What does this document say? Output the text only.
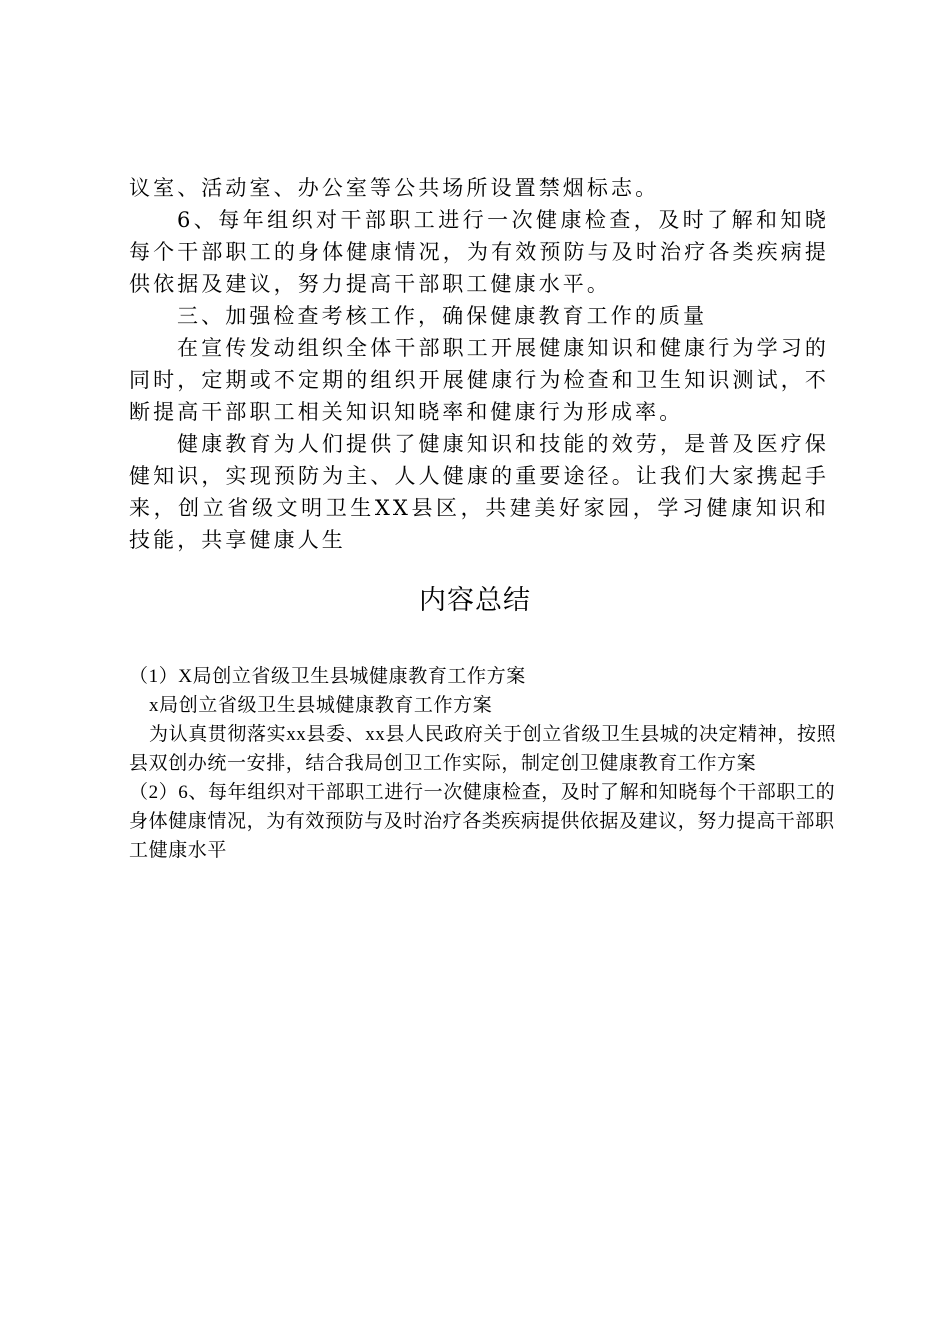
议室、活动室、办公室等公共场所设置禁烟标志。

6、每年组织对干部职工进行一次健康检查，及时了解和知晓每个干部职工的身体健康情况，为有效预防与及时治疗各类疾病提供依据及建议，努力提高干部职工健康水平。

三、加强检查考核工作，确保健康教育工作的质量

在宣传发动组织全体干部职工开展健康知识和健康行为学习的同时，定期或不定期的组织开展健康行为检查和卫生知识测试，不断提高干部职工相关知识知晓率和健康行为形成率。

健康教育为人们提供了健康知识和技能的效劳，是普及医疗保健知识，实现预防为主、人人健康的重要途径。让我们大家携起手来，创立省级文明卫生XX县区，共建美好家园，学习健康知识和技能，共享健康人生

内容总结

（1）X局创立省级卫生县城健康教育工作方案

x局创立省级卫生县城健康教育工作方案

为认真贯彻落实xx县委、xx县人民政府关于创立省级卫生县城的决定精神，按照县双创办统一安排，结合我局创卫工作实际，制定创卫健康教育工作方案

（2）6、每年组织对干部职工进行一次健康检查，及时了解和知晓每个干部职工的身体健康情况，为有效预防与及时治疗各类疾病提供依据及建议，努力提高干部职工健康水平
